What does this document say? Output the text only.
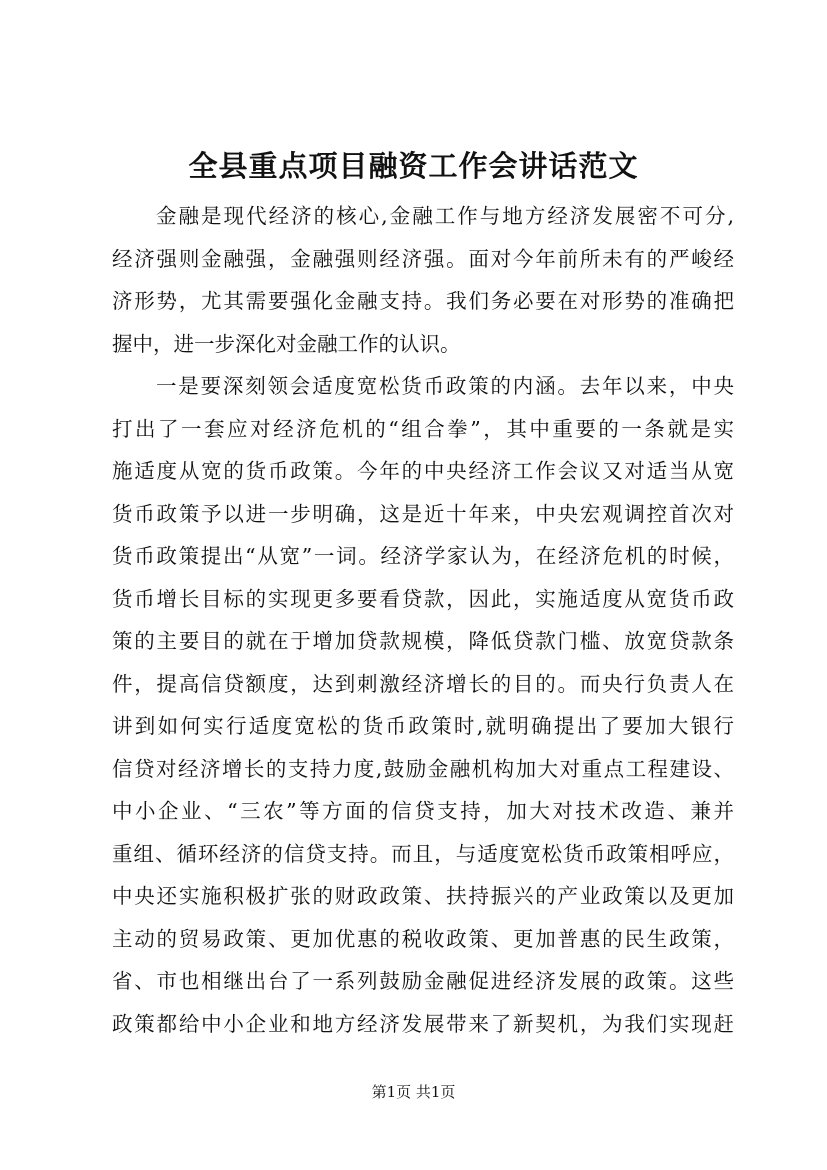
全县重点项目融资工作会讲话范文
金融是现代经济的核心,金融工作与地方经济发展密不可分,
经济强则金融强，金融强则经济强。面对今年前所未有的严峻经
济形势，尤其需要强化金融支持。我们务必要在对形势的准确把
握中，进一步深化对金融工作的认识。
一是要深刻领会适度宽松货币政策的内涵。去年以来，中央
打出了一套应对经济危机的“组合拳”，其中重要的一条就是实
施适度从宽的货币政策。今年的中央经济工作会议又对适当从宽
货币政策予以进一步明确，这是近十年来，中央宏观调控首次对
货币政策提出“从宽”一词。经济学家认为，在经济危机的时候，
货币增长目标的实现更多要看贷款，因此，实施适度从宽货币政
策的主要目的就在于增加贷款规模，降低贷款门槛、放宽贷款条
件，提高信贷额度，达到刺激经济增长的目的。而央行负责人在
讲到如何实行适度宽松的货币政策时,就明确提出了要加大银行
信贷对经济增长的支持力度,鼓励金融机构加大对重点工程建设、
中小企业、“三农”等方面的信贷支持，加大对技术改造、兼并
重组、循环经济的信贷支持。而且，与适度宽松货币政策相呼应，
中央还实施积极扩张的财政政策、扶持振兴的产业政策以及更加
主动的贸易政策、更加优惠的税收政策、更加普惠的民生政策，
省、市也相继出台了一系列鼓励金融促进经济发展的政策。这些
政策都给中小企业和地方经济发展带来了新契机，为我们实现赶
第1页 共1页
